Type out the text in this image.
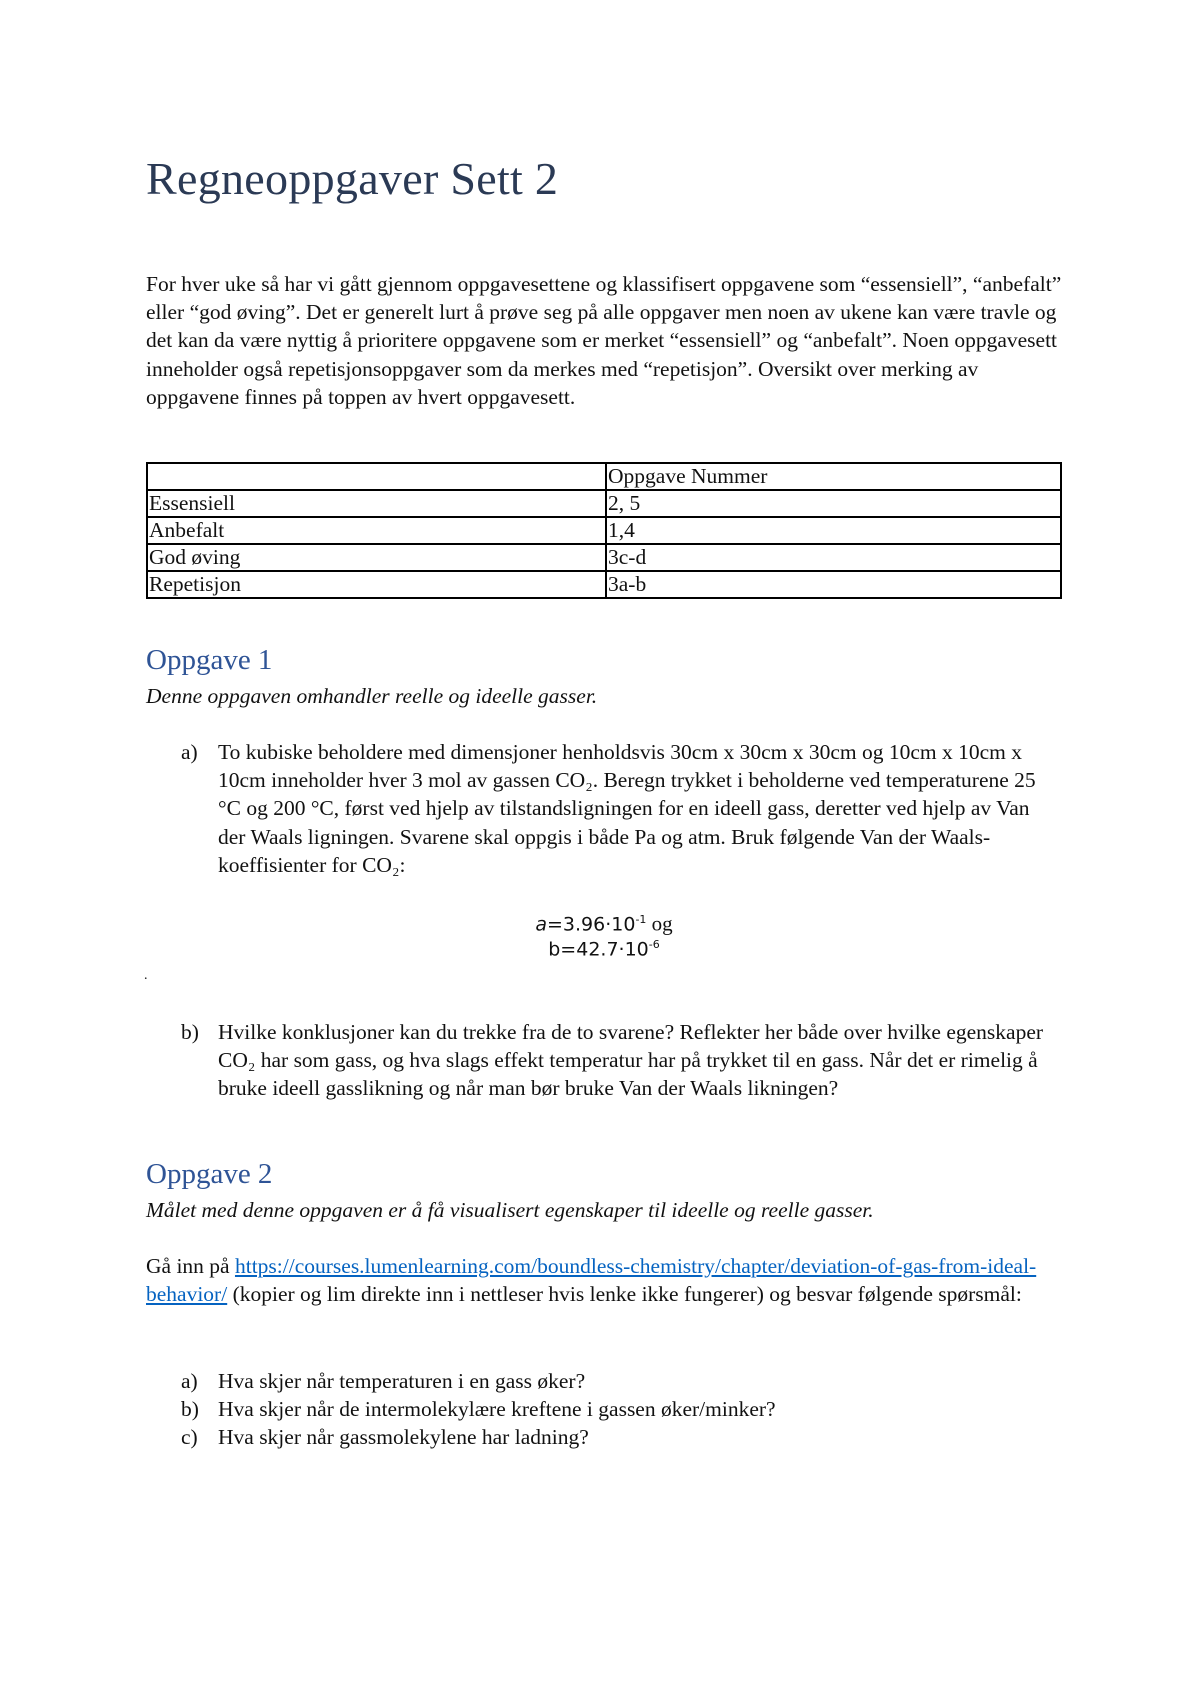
Regneoppgaver Sett 2

For hver uke så har vi gått gjennom oppgavesettene og klassifisert oppgavene som “essensiell”, “anbefalt” eller “god øving”. Det er generelt lurt å prøve seg på alle oppgaver men noen av ukene kan være travle og det kan da være nyttig å prioritere oppgavene som er merket “essensiell” og “anbefalt”. Noen oppgavesett inneholder også repetisjonsoppgaver som da merkes med “repetisjon”. Oversikt over merking av oppgavene finnes på toppen av hvert oppgavesett.

	Oppgave Nummer
Essensiell	2, 5
Anbefalt	1,4
God øving	3c-d
Repetisjon	3a-b
Oppgave 1

Denne oppgaven omhandler reelle og ideelle gasser.

a) To kubiske beholdere med dimensjoner henholdsvis 30cm x 30cm x 30cm og 10cm x 10cm x 10cm inneholder hver 3 mol av gassen CO₂. Beregn trykket i beholderne ved temperaturene 25 °C og 200 °C, først ved hjelp av tilstandsligningen for en ideell gass, deretter ved hjelp av Van der Waals ligningen. Svarene skal oppgis i både Pa og atm. Bruk følgende Van der Waals-koeffisienter for CO₂:
$a=3.96\cdot 10^{-1}$ og
$b=42.7\cdot 10^{-6}$
.
b) Hvilke konklusjoner kan du trekke fra de to svarene? Reflekter her både over hvilke egenskaper CO₂ har som gass, og hva slags effekt temperatur har på trykket til en gass. Når det er rimelig å bruke ideell gasslikning og når man bør bruke Van der Waals likningen?
Oppgave 2

Målet med denne oppgaven er å få visualisert egenskaper til ideelle og reelle gasser.

Gå inn på https://courses.lumenlearning.com/boundless-chemistry/chapter/deviation-of-gas-from-ideal-behavior/ (kopier og lim direkte inn i nettleser hvis lenke ikke fungerer) og besvar følgende spørsmål:

a) Hva skjer når temperaturen i en gass øker?
b) Hva skjer når de intermolekylære kreftene i gassen øker/minker?
c) Hva skjer når gassmolekylene har ladning?
